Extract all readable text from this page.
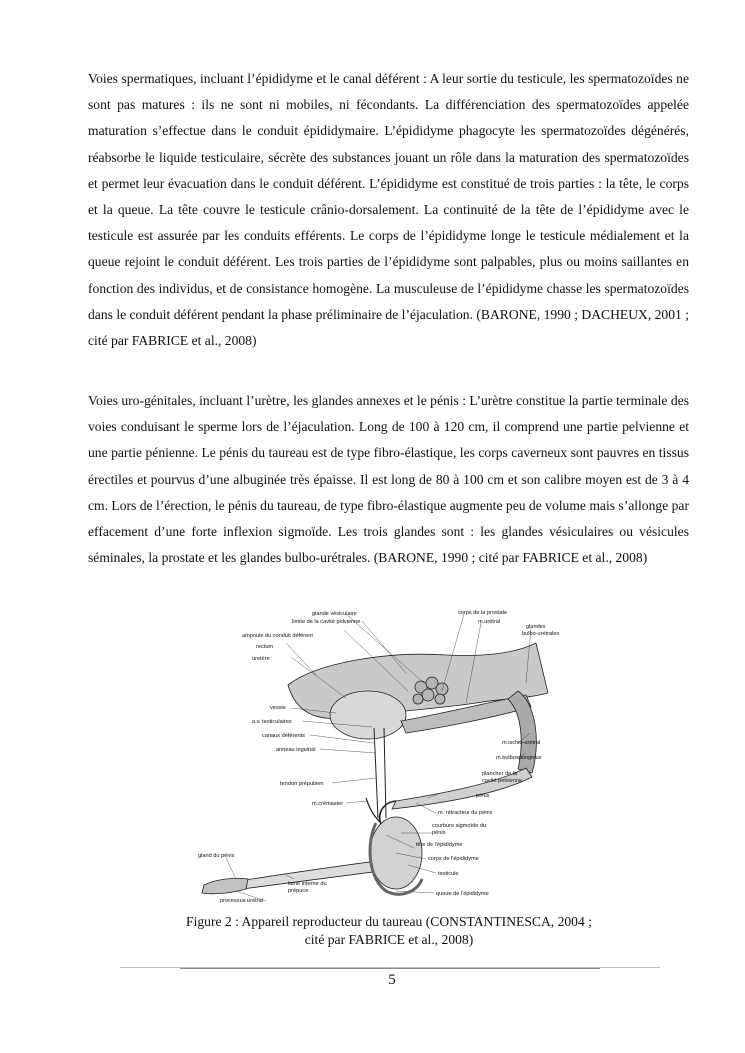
Voies spermatiques, incluant l’épididyme et le canal déférent : A leur sortie du testicule, les spermatozoïdes ne sont pas matures : ils ne sont ni mobiles, ni fécondants. La différenciation des spermatozoïdes appelée maturation s’effectue dans le conduit épididymaire. L’épididyme phagocyte les spermatozoïdes dégénérés, réabsorbe le liquide testiculaire, sécrète des substances jouant un rôle dans la maturation des spermatozoïdes et permet leur évacuation dans le conduit déférent. L’épididyme est constitué de trois parties : la tête, le corps et la queue. La tête couvre le testicule crânio-dorsalement. La continuité de la tête de l’épididyme avec le testicule est assurée par les conduits efférents. Le corps de l’épididyme longe le testicule médialement et la queue rejoint le conduit déférent. Les trois parties de l’épididyme sont palpables, plus ou moins saillantes en fonction des individus, et de consistance homogène. La musculeuse de l’épididyme chasse les spermatozoïdes dans le conduit déférent pendant la phase préliminaire de l’éjaculation. (BARONE, 1990 ; DACHEUX, 2001 ; cité par FABRICE et al., 2008)

Voies uro-génitales, incluant l’urètre, les glandes annexes et le pénis : L’urètre constitue la partie terminale des voies conduisant le sperme lors de l’éjaculation. Long de 100 à 120 cm, il comprend une partie pelvienne et une partie pénienne. Le pénis du taureau est de type fibro-élastique, les corps caverneux sont pauvres en tissus érectiles et pourvus d’une albuginée très épaisse. Il est long de 80 à 100 cm et son calibre moyen est de 3 à 4 cm. Lors de l’érection, le pénis du taureau, de type fibro-élastique augmente peu de volume mais s’allonge par effacement d’une forte inflexion sigmoïde. Les trois glandes sont : les glandes vésiculaires ou vésicules séminales, la prostate et les glandes bulbo-urétrales. (BARONE, 1990 ; cité par FABRICE et al., 2008)

glande vésiculaire
limite de la cavité pelvienne
ampoule du conduit déférent
rectum
uretère
vessie
a.v. testiculaires
canaux déférents
anneau inguinal
tendon prépubien
m.crémaster
gland du pénis
lame interne du
prépuce
processus urétral
corps de la prostate
m.urétral
glandes
bulbo-urétrales
m.ischio-urétral
m.bulbospongieux
plancher de la
cavité pelvienne
pénis
m. rétracteur du pénis
courbure sigmoïde du
pénis
tête de l'épididyme
corps de l'épididyme
testicule
queue de l'épididyme
Figure 2 : Appareil reproducteur du taureau (CONSTANTINESCA, 2004 ;
cité par FABRICE et al., 2008)
5
